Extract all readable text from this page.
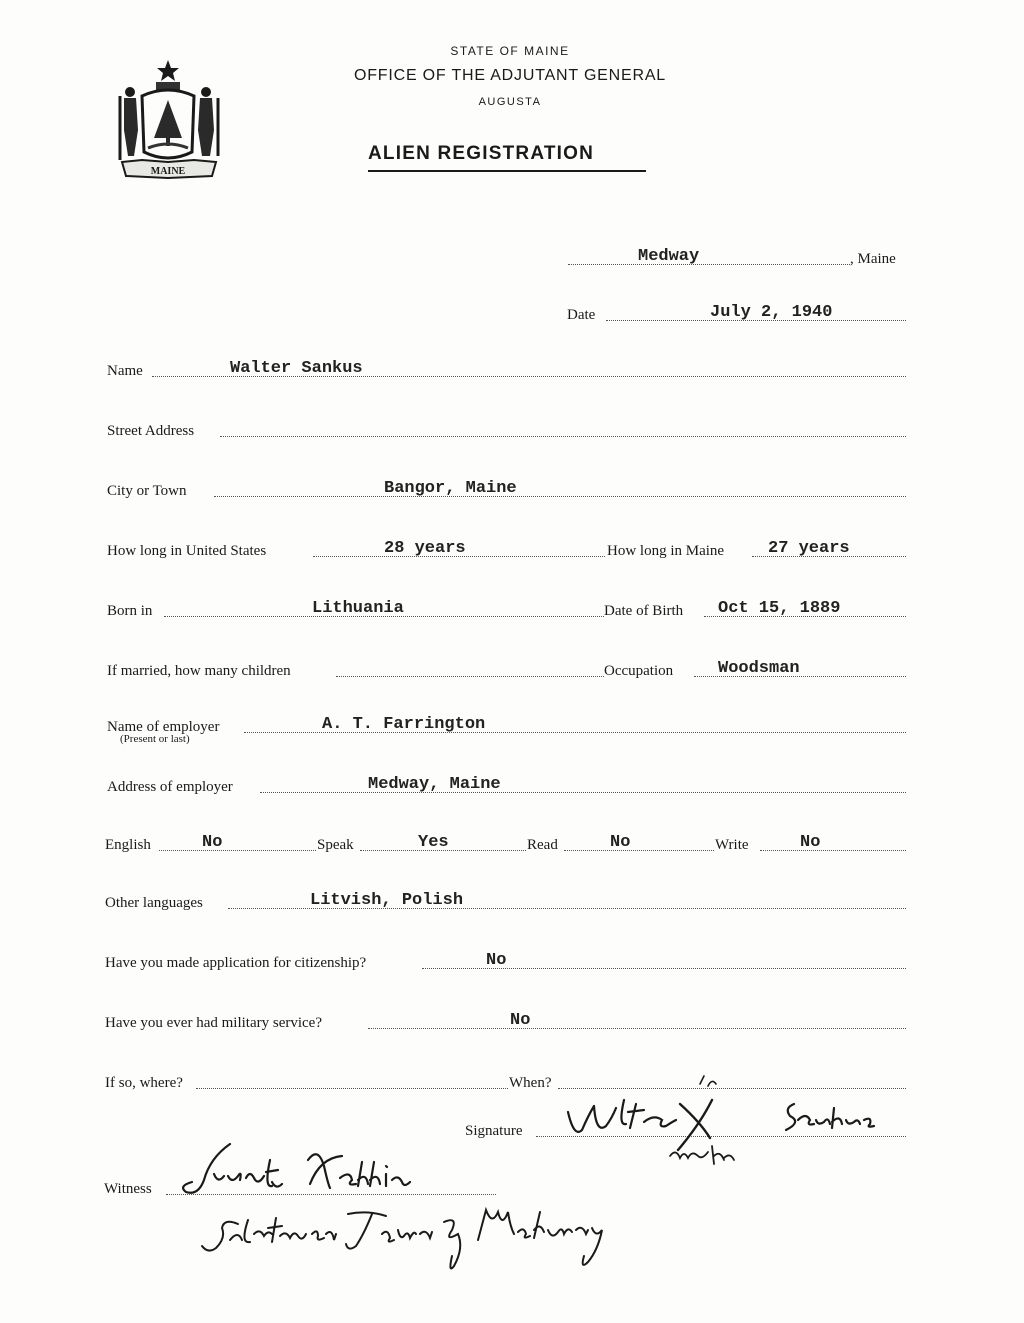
MAINE
STATE OF MAINE
OFFICE OF THE ADJUTANT GENERAL
AUGUSTA
ALIEN REGISTRATION
Medway	, Maine
Date	July 2, 1940
Name	Walter Sankus
Street Address
City or Town	Bangor, Maine
How long in United States	28 years	How long in Maine	27 years
Born in	Lithuania	Date of Birth Oct 15, 1889
If married, how many children	Occupation	Woodsman
Name of employer	A. T. Farrington
(Present or last)
Address of employer	Medway, Maine
English	No	Speak	Yes	Read	No	Write	No
Other languages	Litvish, Polish
Have you made application for citizenship?	No
Have you ever had military service?	No
If so, where?	When?
Signature
Witness
